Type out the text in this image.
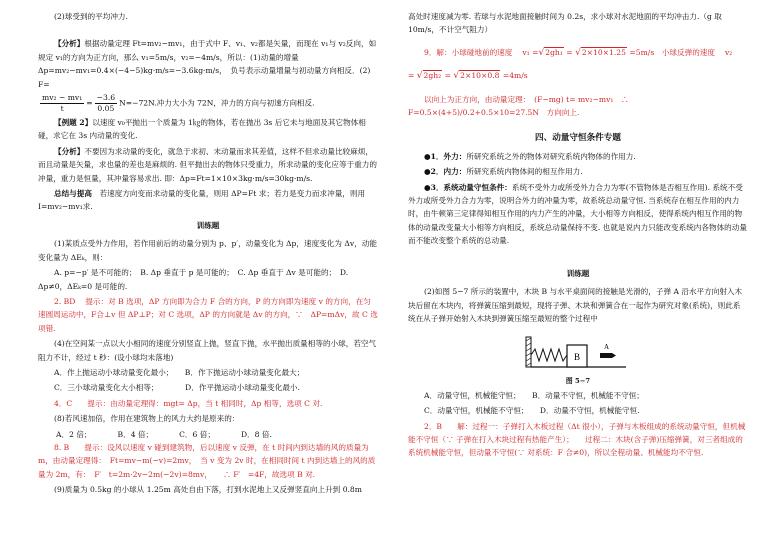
(2)球受到的平均冲力.

【分析】根据动量定理 Ft=mv₂−mv₁，由于式中 F、v₁、v₂都是矢量，而现在 v₁与 v₂反向，如规定 v₁的方向为正方向，那么 v₁=5m/s，v₂=−4m/s，所以：(1)动量的增量　Δp=mv₂−mv₁=0.4×(−4−5)kg·m/s=−3.6kg·m/s，　负号表示动量增量与初动量方向相反．(2) F=

$\frac{\text{mv₂ − mv₁}}{t} = \frac{-3.6}{0.05} N=-72N$.冲力大小为 72N，冲力的方向与初速方向相反.

【例题 2】以速度 v₀平抛出一个质量为 1㎏的物体，若在抛出 3s 后它未与地面及其它物体相碰，求它在 3s 内动量的变化.

【分析】不要因为求动量的变化，就急于求初、末动量而求其差值，这样不但求动量比较麻烦，而且动量是矢量，求也量的差也是麻烦的. 但平抛出去的物体只受重力，所求动量的变化应等于重力的冲量，重力是恒量，其冲量容易求出. 即：Δp=Ft=1×10×3kg·m/s=30kg·m/s.

总结与提高　若速度方向变而求动量的变化量，则用 ΔP=Ft 求；若力是变力而求冲量，则用 I=mv₂−mv₁求.

训练题

(1)某质点受外力作用，若作用前后的动量分别为 p、p′，动量变化为 Δp，速度变化为 Δv，动能变化量为 ΔEₖ，则：

A. p=−p′ 是不可能的；　B. Δp 垂直于 p 是可能的；　C. Δp 垂直于 Δv 是可能的；　D. Δp≠0，ΔEₖ=0 是可能的.

2. BD　 提示：对 B 选项，ΔP 方向即为合力 F 合的方向，P 的方向即为速度 v 的方向，在匀速圆周运动中，F合⊥v 但 ΔP⊥P；对 C 选项，ΔP 的方向就是 Δv 的方向，∵　ΔP=mΔv，故 C 选项错.

(4)在空间某一点以大小相同的速度分别竖直上抛，竖直下抛，水平抛出质量相等的小球，若空气阻力不计，经过 t 秒：(设小球均未落地)

A．作上抛运动小球动量变化最小；　　B．作下抛运动小球动量变化最大；

C．三小球动量变化大小相等；　　　　D．作平抛运动小球动量变化最小.

4．C　　提示：由动量定理得：mgt= Δp，当 t 相同时，Δp 相等，选项 C 对.

(8)若风速加倍，作用在建筑物上的风力大约是原来的：

A．2 倍；	B．4 倍；	C．6 倍；	D．8 倍.

8. B　　提示：设风以速度 v 碰到建筑物，后以速度 v 反弹，在 t 时间内到达墙的风的质量为 m，由动量定理得：　Ft=mv−m(−v)=2mv，　当 v 变为 2v 时，在相同时间 t 内到达墙上的风的质量为 2m，有：　F′　t=2m·2v−2m(−2v)=8mv，　　∴ F′　=4F，故选项 B 对.

(9)质量为 0.5kg 的小球从 1.25m 高处自由下落，打到水泥地上又反弹竖直向上升到 0.8m

高处时速度减为零. 若球与水泥地面接触时间为 0.2s，求小球对水泥地面的平均冲击力.（g 取 10m/s，不计空气阻力）

9．解：小球碰地前的速度　 v₁ =√2gh₁ = √2×10×1.25 =5m/s　小球反弹的速度　 v₂

= √2gh₂ = √2×10×0.8 =4m/s

以向上为正方向，由动量定理：　(F−mg) t= mv₂−mv₁　∴ F=0.5×(4+5)/0.2+0.5×10=27.5N　方向向上.

四、动量守恒条件专题

●1．外力：所研究系统之外的物体对研究系统内物体的作用力.

●2．内力：所研究系统内物体间的相互作用力.

●3．系统动量守恒条件：系统不受外力或所受外力合力为零(不管物体是否相互作用). 系统不受外力或所受外力合力为零，说明合外力的冲量为零，故系统总动量守恒. 当系统存在相互作用的内力时，由牛顿第三定律得知相互作用的内力产生的冲量，大小相等方向相反，使得系统内相互作用的物体的动量改变量大小相等方向相反，系统总动量保持不变. 也就是说内力只能改变系统内各物体的动量而不能改变整个系统的总动量.

训练题

(2)如图 5−7 所示的装置中，木块 B 与水平桌面间的接触是光滑的，子弹 A 沿水平方向射入木块后留在木块内，将弹簧压缩到最短，现将子弹、木块和弹簧合在一起作为研究对象(系统)，则此系统在从子弹开始射入木块到弹簧压缩至最短的整个过程中

B
A
图 5−7

A．动量守恒，机械能守恒；　　B．动量不守恒，机械能不守恒；

C．动量守恒，机械能不守恒；　　D．动量不守恒，机械能守恒.

2．B　　解：过程一：子弹打入木板过程（Δt 很小），子弹与木板组成的系统动量守恒，但机械能不守恒（∵ 子弹在打入木块过程有热能产生）；　　过程二：木块(含子弹)压缩弹簧，对三者组成的系统机械能守恒，但动量不守恒(∵ 对系统：F 合≠0)，所以全程动量、机械能均不守恒.
